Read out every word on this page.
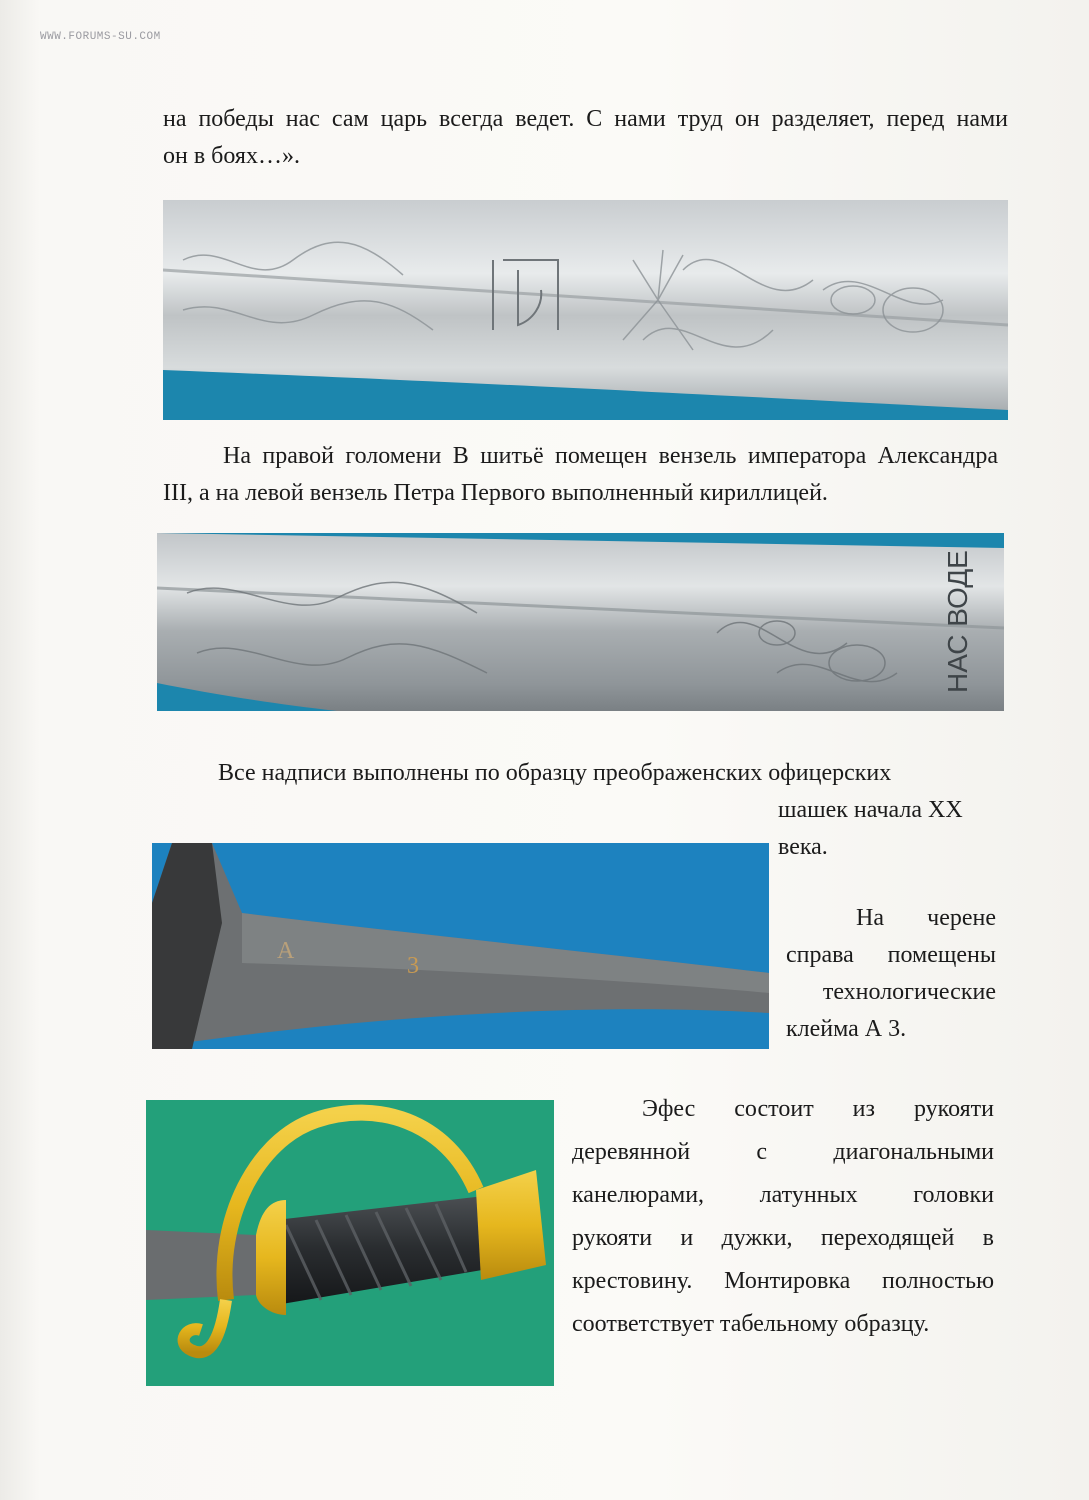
WWW.FORUMS-SU.COM
на победы нас сам царь всегда ведет. С нами труд он разделяет, перед нами
он в боях…».
На правой голомени В шитьё помещен вензель императора Александра
III, а на левой вензель Петра Первого выполненный кириллицей.
НАС ВОДЕ
Все надписи выполнены по образцу преображенских офицерских
шашек начала XX
века.
А
3
На черене
справа помещены
технологические
клейма А 3.
Эфес состоит из рукояти
деревянной с диагональными
канелюрами, латунных головки
рукояти и дужки, переходящей в
крестовину. Монтировка полностью
соответствует табельному образцу.
